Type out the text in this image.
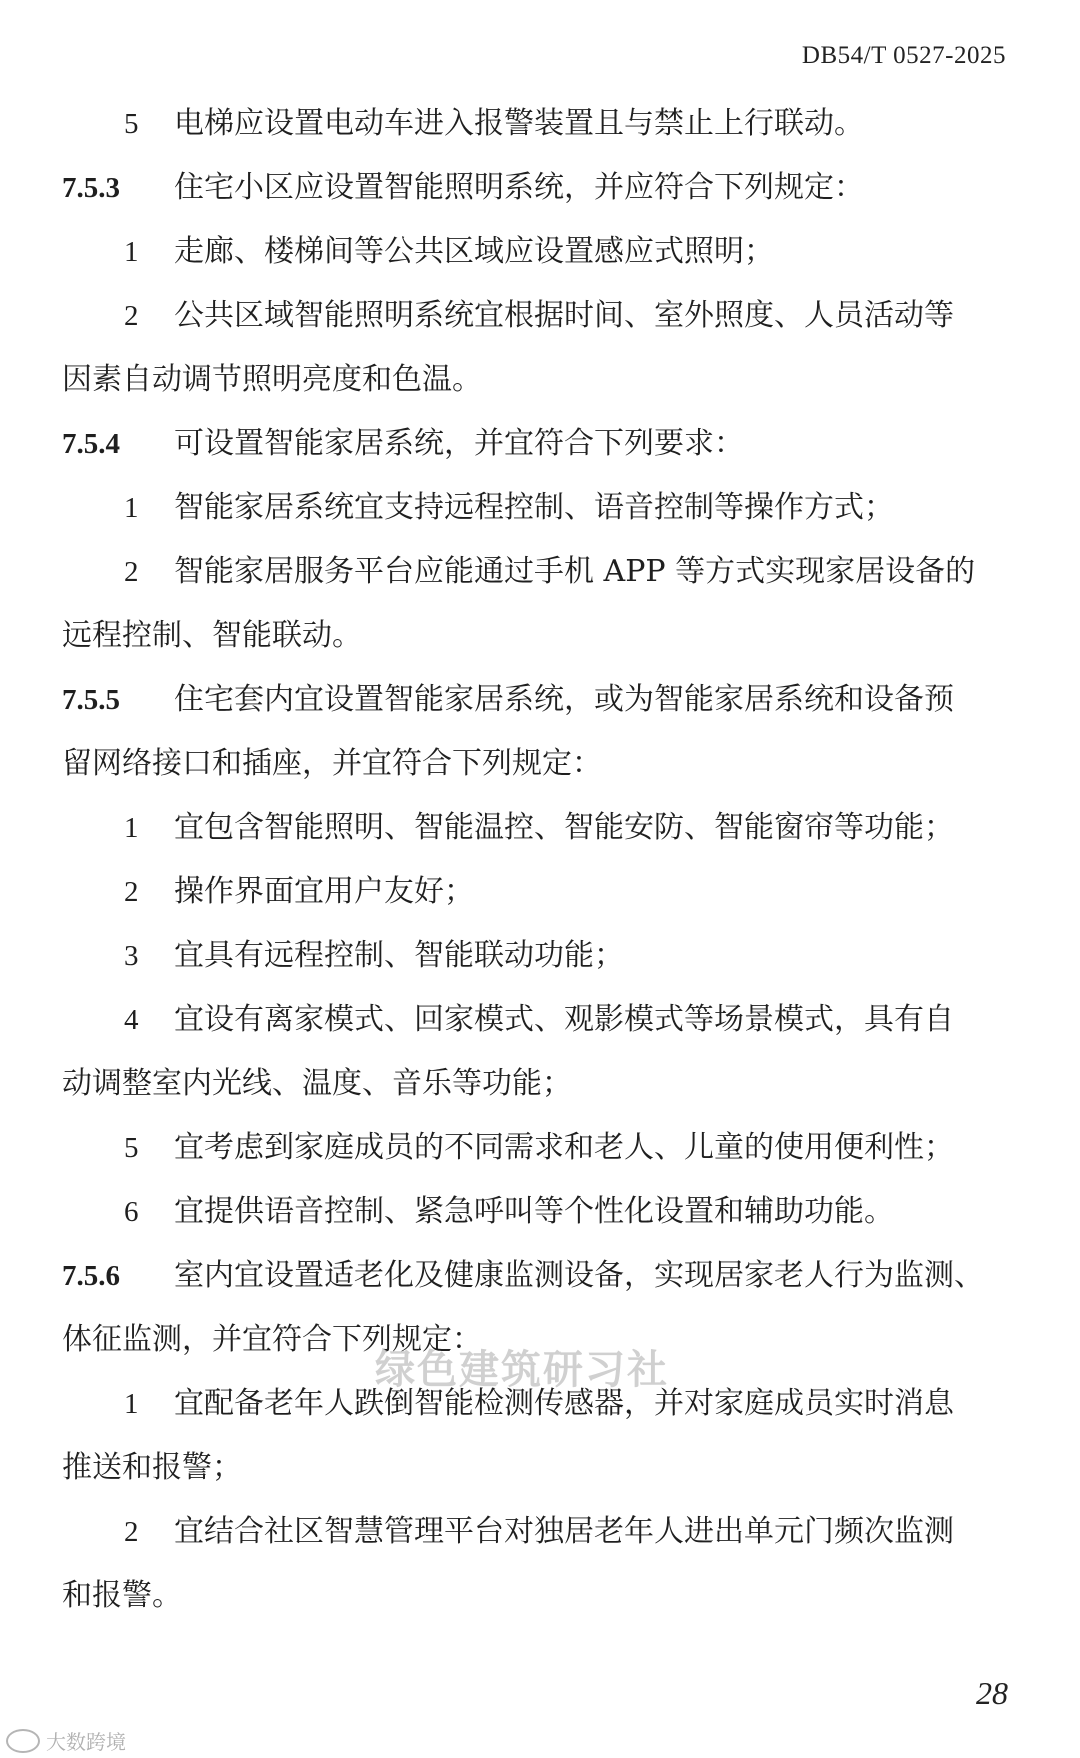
DB54/T 0527-2025
5 电梯应设置电动车进入报警装置且与禁止上行联动。
7.5.3 住宅小区应设置智能照明系统，并应符合下列规定：
1 走廊、楼梯间等公共区域应设置感应式照明；
2 公共区域智能照明系统宜根据时间、室外照度、人员活动等
因素自动调节照明亮度和色温。
7.5.4 可设置智能家居系统，并宜符合下列要求：
1 智能家居系统宜支持远程控制、语音控制等操作方式；
2 智能家居服务平台应能通过手机 APP 等方式实现家居设备的
远程控制、智能联动。
7.5.5 住宅套内宜设置智能家居系统，或为智能家居系统和设备预
留网络接口和插座，并宜符合下列规定：
1 宜包含智能照明、智能温控、智能安防、智能窗帘等功能；
2 操作界面宜用户友好；
3 宜具有远程控制、智能联动功能；
4 宜设有离家模式、回家模式、观影模式等场景模式，具有自
动调整室内光线、温度、音乐等功能；
5 宜考虑到家庭成员的不同需求和老人、儿童的使用便利性；
6 宜提供语音控制、紧急呼叫等个性化设置和辅助功能。
7.5.6 室内宜设置适老化及健康监测设备，实现居家老人行为监测、
体征监测，并宜符合下列规定：
1 宜配备老年人跌倒智能检测传感器，并对家庭成员实时消息
推送和报警；
2 宜结合社区智慧管理平台对独居老年人进出单元门频次监测
和报警。
绿色建筑研习社
28
大数跨境
